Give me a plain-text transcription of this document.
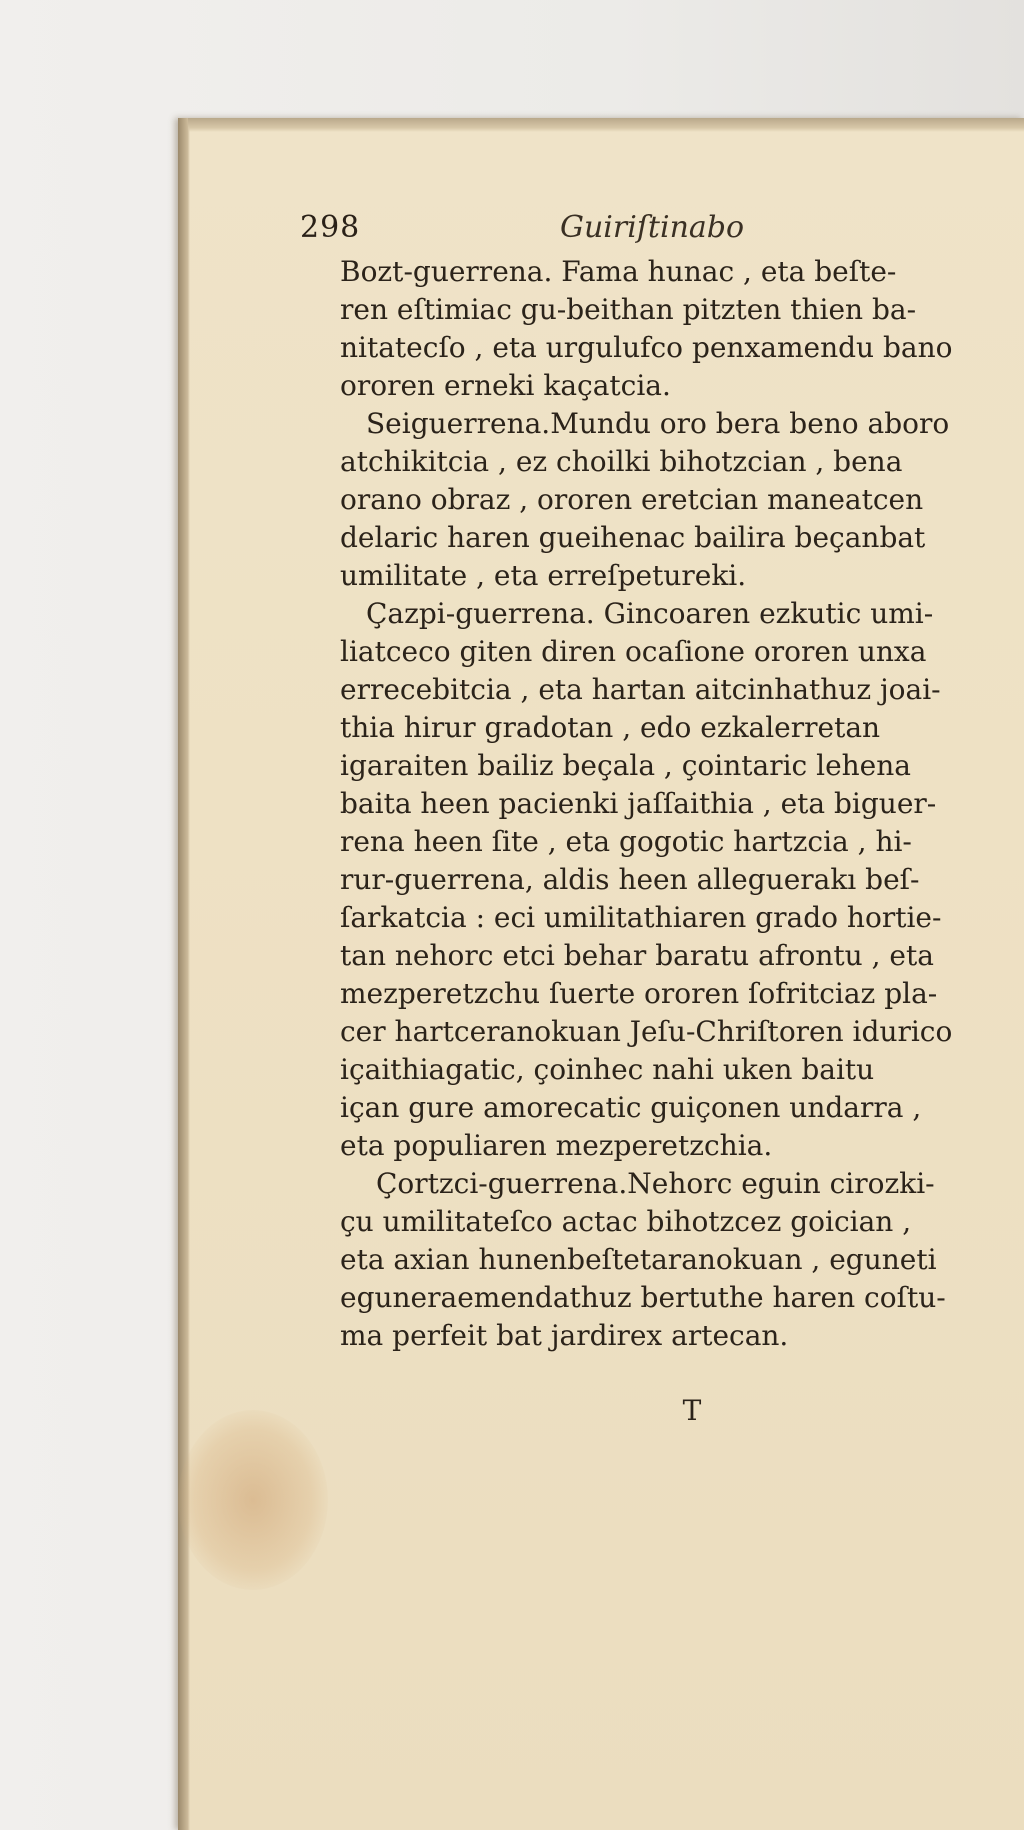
298	Guiriſtinabo
Bozt-guerrena. Fama hunac , eta beſte-
ren eſtimiac gu-beithan pitzten thien ba-
nitatecſo , eta urgulufco penxamendu bano
ororen erneki kaçatcia.
Seiguerrena.Mundu oro bera beno aboro
atchikitcia , ez choilki bihotzcian , bena
orano obraz , ororen eretcian maneatcen
delaric haren gueihenac bailira beçanbat
umilitate , eta erreſpetureki.
Çazpi-guerrena. Gincoaren ezkutic umi-
liatceco giten diren ocaſione ororen unxa
errecebitcia , eta hartan aitcinhathuz joai-
thia hirur gradotan , edo ezkalerretan
igaraiten bailiz beçala , çointaric lehena
baita heen pacienki jaſſaithia , eta biguer-
rena heen ſite , eta gogotic hartzcia , hi-
rur-guerrena, aldis heen alleguerakı beſ-
ſarkatcia : eci umilitathiaren grado hortie-
tan nehorc etci behar baratu afrontu , eta
mezperetzchu ſuerte ororen ſofritciaz pla-
cer hartceranokuan Jeſu-Chriſtoren idurico
içaithiagatic, çoinhec nahi uken baitu
içan gure amorecatic guiçonen undarra ,
eta populiaren mezperetzchia.
Çortzci-guerrena.Nehorc eguin cirozki-
çu umilitateſco actac bihotzcez goician ,
eta axian hunenbeſtetaranokuan , eguneti
eguneraemendathuz bertuthe haren coſtu-
ma perfeit bat jardirex artecan.
T
